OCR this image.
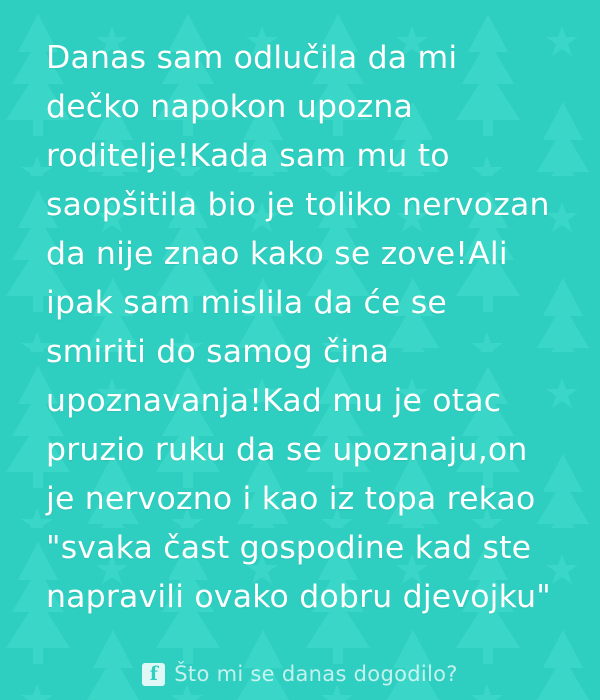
Danas sam odlučila da mi dečko napokon upozna roditelje!Kada sam mu to saopšitila bio je toliko nervozan da nije znao kako se zove!Ali ipak sam mislila da će se smiriti do samog čina upoznavanja!Kad mu je otac pruzio ruku da se upoznaju,on je nervozno i kao iz topa rekao "svaka čast gospodine kad ste napravili ovako dobru djevojku"
f Što mi se danas dogodilo?
